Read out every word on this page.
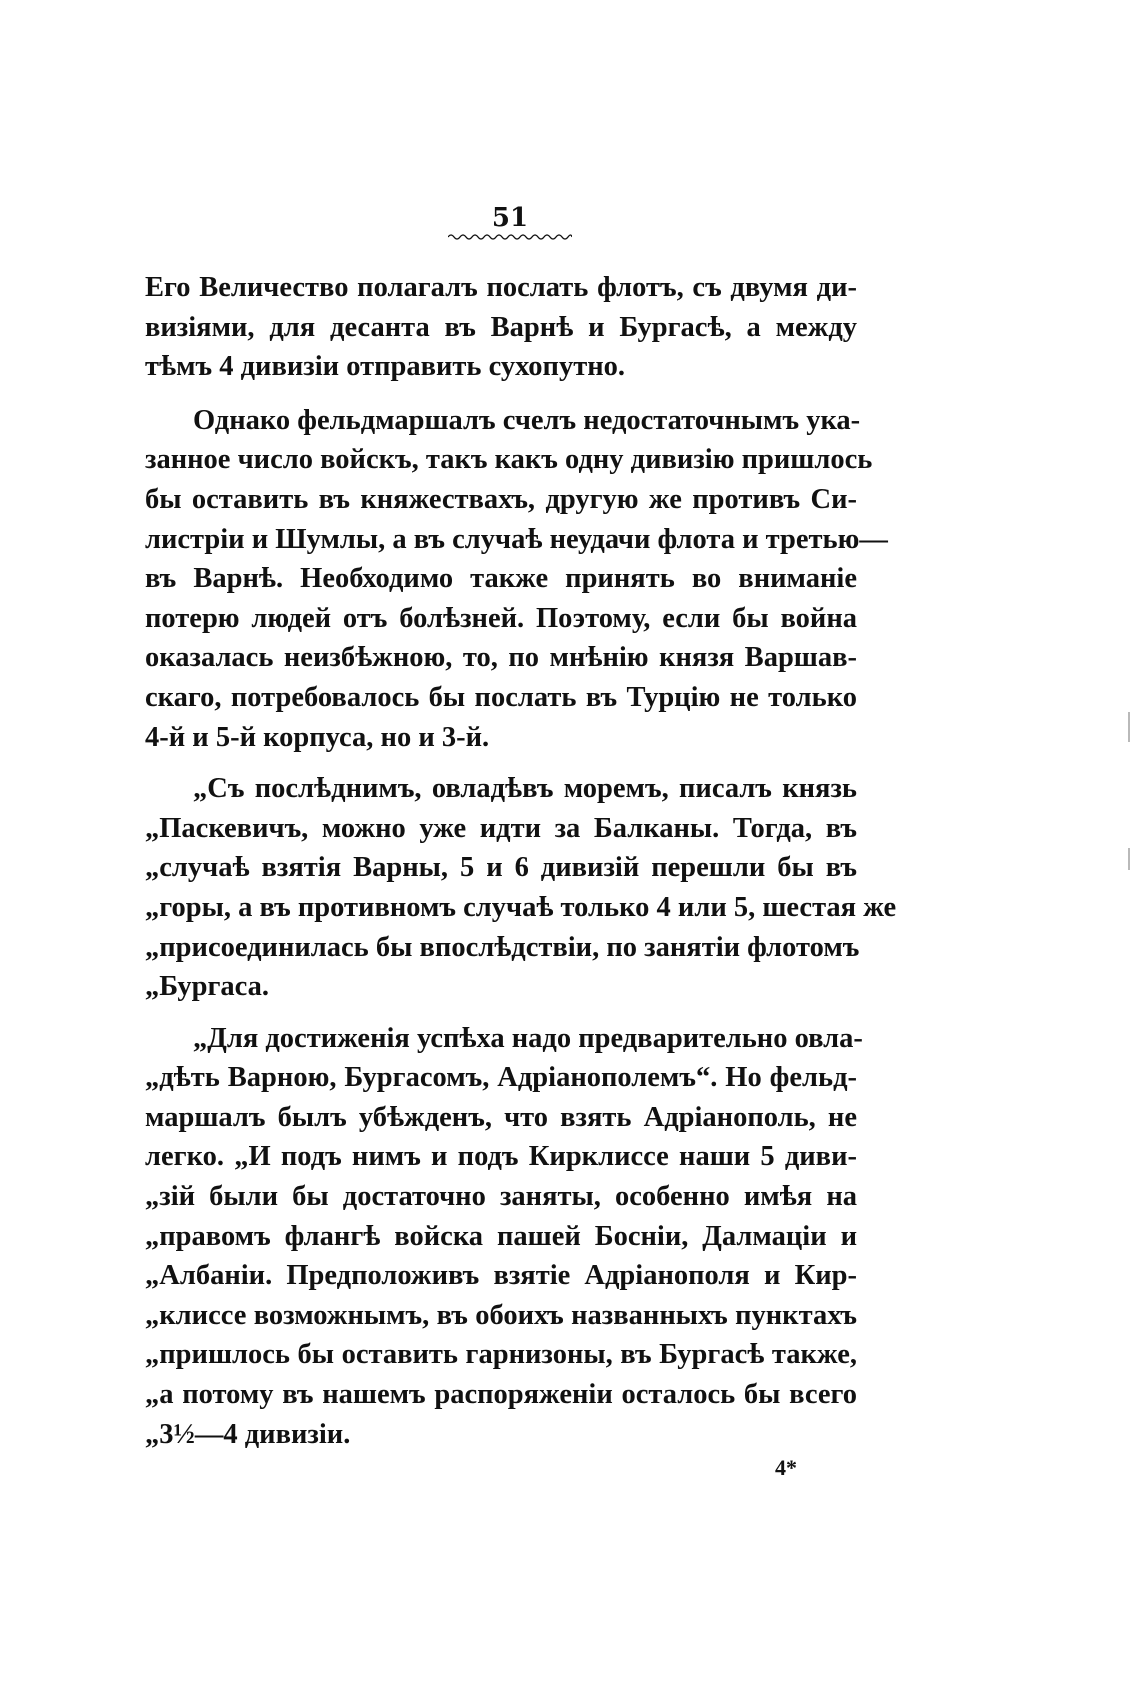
51
Его Величество полагалъ послать флотъ, съ двумя ди-
визіями, для десанта въ Варнѣ и Бургасѣ, а между
тѣмъ 4 дивизіи отправить сухопутно.
Однако фельдмаршалъ счелъ недостаточнымъ ука-
занное число войскъ, такъ какъ одну дивизію пришлось
бы оставить въ княжествахъ, другую же противъ Си-
листріи и Шумлы, а въ случаѣ неудачи флота и третью—
въ Варнѣ. Необходимо также принять во вниманіе
потерю людей отъ болѣзней. Поэтому, если бы война
оказалась неизбѣжною, то, по мнѣнію князя Варшав-
скаго, потребовалось бы послать въ Турцію не только
4-й и 5-й корпуса, но и 3-й.
„Съ послѣднимъ, овладѣвъ моремъ, писалъ князь
„Паскевичъ, можно уже идти за Балканы. Тогда, въ
„случаѣ взятія Варны, 5 и 6 дивизій перешли бы въ
„горы, а въ противномъ случаѣ только 4 или 5, шестая же
„присоединилась бы впослѣдствіи, по занятіи флотомъ
„Бургаса.
„Для достиженія успѣха надо предварительно овла-
„дѣть Варною, Бургасомъ, Адріанополемъ“. Но фельд-
маршалъ былъ убѣжденъ, что взять Адріанополь, не
легко. „И подъ нимъ и подъ Кирклиссе наши 5 диви-
„зій были бы достаточно заняты, особенно имѣя на
„правомъ флангѣ войска пашей Босніи, Далмаціи и
„Албаніи. Предположивъ взятіе Адріанополя и Кир-
„клиссе возможнымъ, въ обоихъ названныхъ пунктахъ
„пришлось бы оставить гарнизоны, въ Бургасѣ также,
„а потому въ нашемъ распоряженіи осталось бы всего
„3½—4 дивизіи.
4*
